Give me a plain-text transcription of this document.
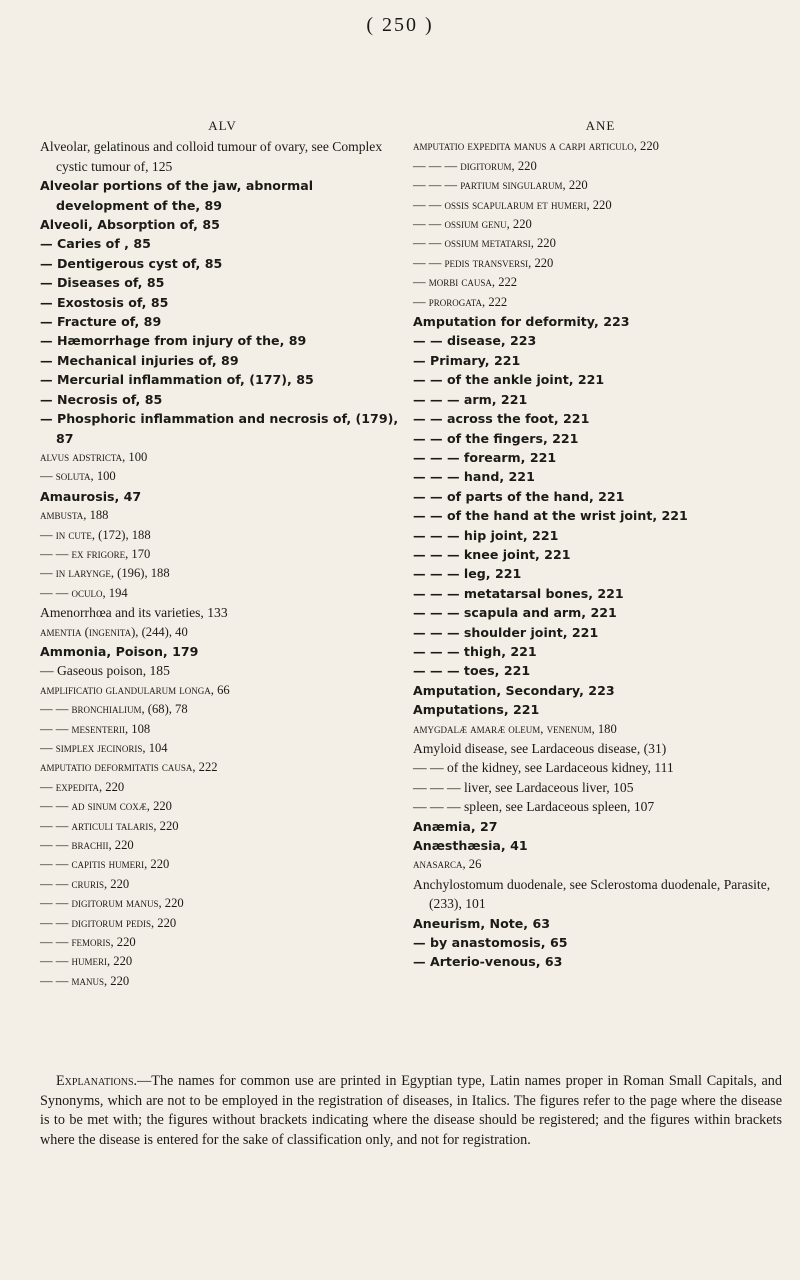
( 250 )
ALV
Alveolar, gelatinous and colloid tumour of ovary, see Complex cystic tumour of, 125
Alveolar portions of the jaw, abnormal development of the, 89
Alveoli, Absorption of, 85
— Caries of , 85
— Dentigerous cyst of, 85
— Diseases of, 85
— Exostosis of, 85
— Fracture of, 89
— Hæmorrhage from injury of the, 89
— Mechanical injuries of, 89
— Mercurial inflammation of, (177), 85
— Necrosis of, 85
— Phosphoric inflammation and necrosis of, (179), 87
alvus adstricta, 100
— soluta, 100
Amaurosis, 47
ambusta, 188
— in cute, (172), 188
— — ex frigore, 170
— in larynge, (196), 188
— — oculo, 194
Amenorrhœa and its varieties, 133
amentia (ingenita), (244), 40
Ammonia, Poison, 179
— Gaseous poison, 185
amplificatio glandularum longa, 66
— — bronchialium, (68), 78
— — mesenterii, 108
— simplex jecinoris, 104
amputatio deformitatis causa, 222
— expedita, 220
— — ad sinum coxæ, 220
— — articuli talaris, 220
— — brachii, 220
— — capitis humeri, 220
— — cruris, 220
— — digitorum manus, 220
— — digitorum pedis, 220
— — femoris, 220
— — humeri, 220
— — manus, 220
ANE
amputatio expedita manus a carpi articulo, 220
— — — digitorum, 220
— — — partium singularum, 220
— — ossis scapularum et humeri, 220
— — ossium genu, 220
— — ossium metatarsi, 220
— — pedis transversi, 220
— morbi causa, 222
— prorogata, 222
Amputation for deformity, 223
— — disease, 223
— Primary, 221
— — of the ankle joint, 221
— — — arm, 221
— — across the foot, 221
— — of the fingers, 221
— — — forearm, 221
— — — hand, 221
— — of parts of the hand, 221
— — of the hand at the wrist joint, 221
— — — hip joint, 221
— — — knee joint, 221
— — — leg, 221
— — — metatarsal bones, 221
— — — scapula and arm, 221
— — — shoulder joint, 221
— — — thigh, 221
— — — toes, 221
Amputation, Secondary, 223
Amputations, 221
amygdalæ amaræ oleum, venenum, 180
Amyloid disease, see Lardaceous disease, (31)
— — of the kidney, see Lardaceous kidney, 111
— — — liver, see Lardaceous liver, 105
— — — spleen, see Lardaceous spleen, 107
Anæmia, 27
Anæsthæsia, 41
anasarca, 26
Anchylostomum duodenale, see Sclerostoma duodenale, Parasite, (233), 101
Aneurism, Note, 63
— by anastomosis, 65
— Arterio-venous, 63
Explanations.—The names for common use are printed in Egyptian type, Latin names proper in Roman Small Capitals, and Synonyms, which are not to be employed in the registration of diseases, in Italics. The figures refer to the page where the disease is to be met with; the figures without brackets indicating where the disease should be registered; and the figures within brackets where the disease is entered for the sake of classification only, and not for registration.
